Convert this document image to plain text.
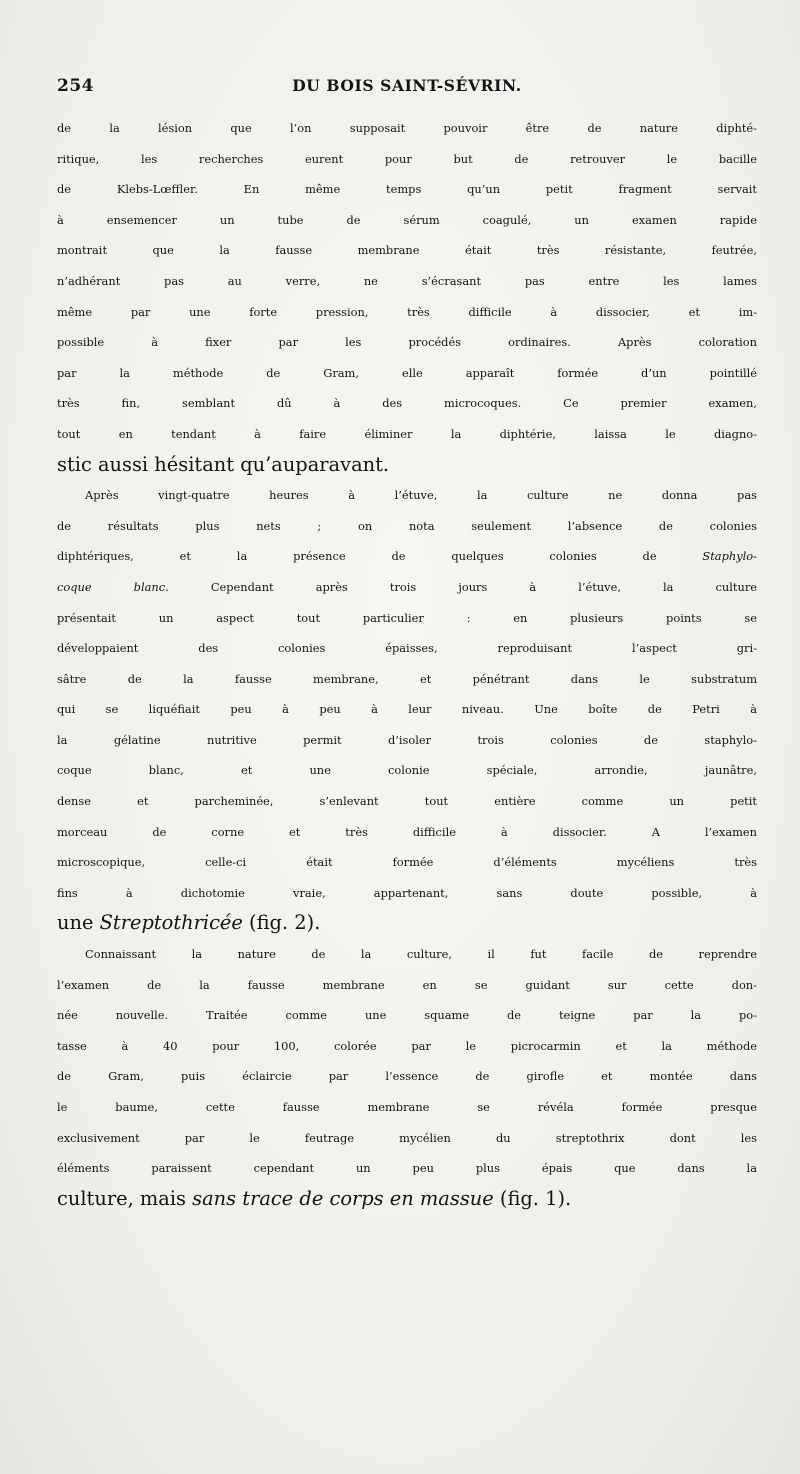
254	DU BOIS SAINT-SÉVRIN.
de la lésion que l’on supposait pouvoir être de nature diphté-
ritique, les recherches eurent pour but de retrouver le bacille
de Klebs-Lœffler. En même temps qu’un petit fragment servait
à ensemencer un tube de sérum coagulé, un examen rapide
montrait que la fausse membrane était très résistante, feutrée,
n’adhérant pas au verre, ne s’écrasant pas entre les lames
même par une forte pression, très difficile à dissocier, et im-
possible à fixer par les procédés ordinaires. Après coloration
par la méthode de Gram, elle apparaît formée d’un pointillé
très fin, semblant dû à des microcoques. Ce premier examen,
tout en tendant à faire éliminer la diphtérie, laissa le diagno-
stic aussi hésitant qu’auparavant.
Après vingt-quatre heures à l’étuve, la culture ne donna pas
de résultats plus nets ; on nota seulement l’absence de colonies
diphtériques, et la présence de quelques colonies de Staphylo-
coque blanc. Cependant après trois jours à l’étuve, la culture
présentait un aspect tout particulier : en plusieurs points se
développaient des colonies épaisses, reproduisant l’aspect gri-
sâtre de la fausse membrane, et pénétrant dans le substratum
qui se liquéfiait peu à peu à leur niveau. Une boîte de Petri à
la gélatine nutritive permit d’isoler trois colonies de staphylo-
coque blanc, et une colonie spéciale, arrondie, jaunâtre,
dense et parcheminée, s’enlevant tout entière comme un petit
morceau de corne et très difficile à dissocier. A l’examen
microscopique, celle-ci était formée d’éléments mycéliens très
fins à dichotomie vraie, appartenant, sans doute possible, à
une Streptothricée (fig. 2).
Connaissant la nature de la culture, il fut facile de reprendre
l’examen de la fausse membrane en se guidant sur cette don-
née nouvelle. Traitée comme une squame de teigne par la po-
tasse à 40 pour 100, colorée par le picrocarmin et la méthode
de Gram, puis éclaircie par l’essence de girofle et montée dans
le baume, cette fausse membrane se révéla formée presque
exclusivement par le feutrage mycélien du streptothrix dont les
éléments paraissent cependant un peu plus épais que dans la
culture, mais sans trace de corps en massue (fig. 1).
